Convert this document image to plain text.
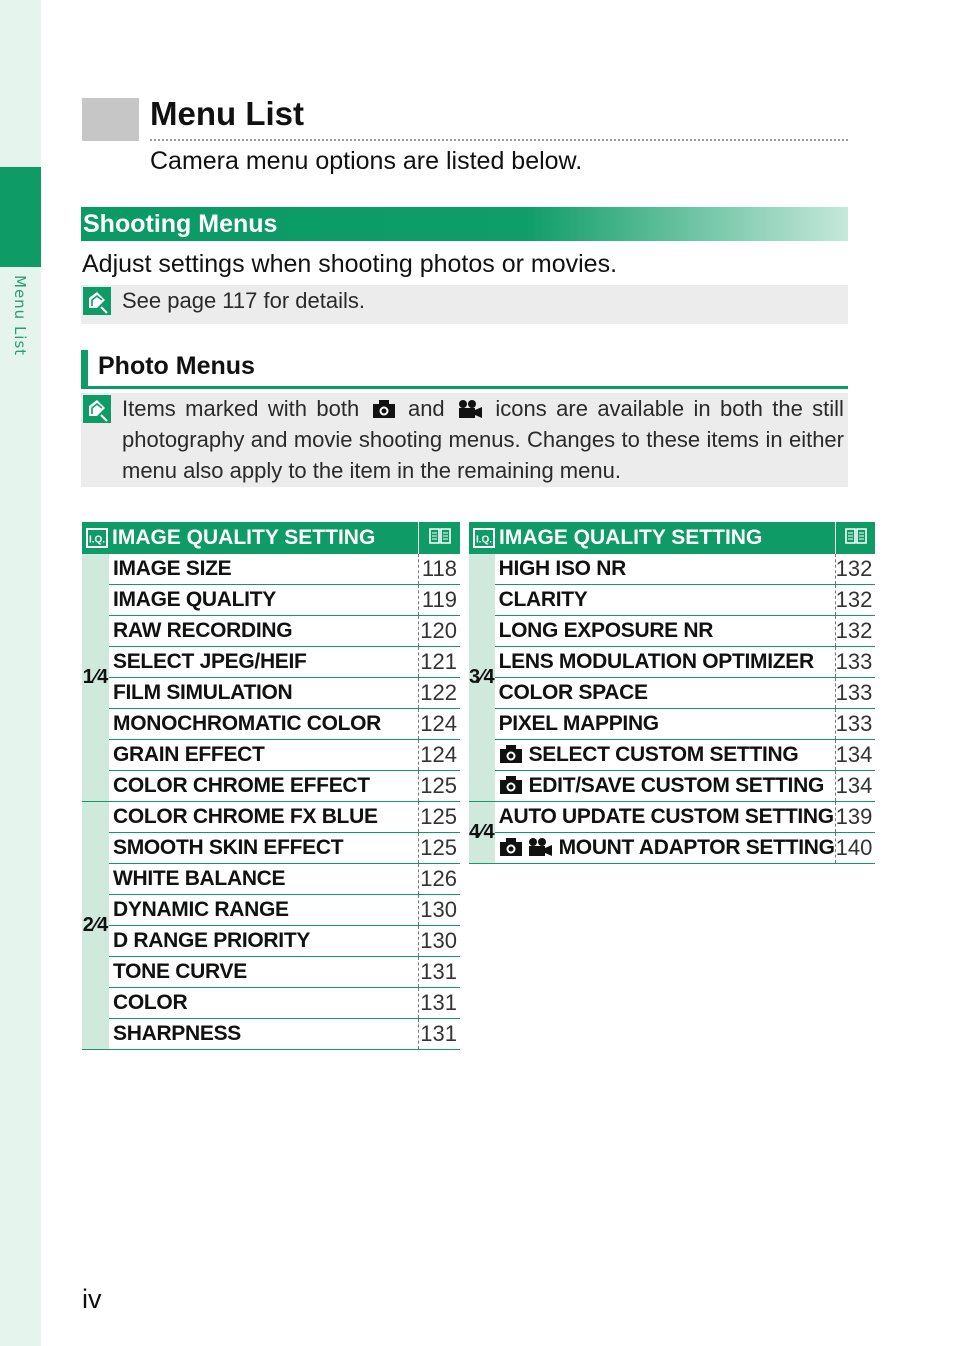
Menu List
Menu List
Camera menu options are listed below.
Shooting Menus
Adjust settings when shooting photos or movies.
See page 117 for details.
Photo Menus
Items marked with both and icons are available in both the still photography and movie shooting menus. Changes to these items in either menu also apply to the item in the remaining menu.
I.Q. IMAGE QUALITY SETTING	
1⁄4	IMAGE SIZE	118
	IMAGE QUALITY	119
	RAW RECORDING	120
	SELECT JPEG/HEIF	121
	FILM SIMULATION	122
	MONOCHROMATIC COLOR	124
	GRAIN EFFECT	124
	COLOR CHROME EFFECT	125
2⁄4	COLOR CHROME FX BLUE	125
	SMOOTH SKIN EFFECT	125
	WHITE BALANCE	126
	DYNAMIC RANGE	130
	D RANGE PRIORITY	130
	TONE CURVE	131
	COLOR	131
	SHARPNESS	131
I.Q. IMAGE QUALITY SETTING	
3⁄4	HIGH ISO NR	132
	CLARITY	132
	LONG EXPOSURE NR	132
	LENS MODULATION OPTIMIZER	133
	COLOR SPACE	133
	PIXEL MAPPING	133
	SELECT CUSTOM SETTING	134
	EDIT/SAVE CUSTOM SETTING	134
4⁄4	AUTO UPDATE CUSTOM SETTING	139
	MOUNT ADAPTOR SETTING	140
iv
